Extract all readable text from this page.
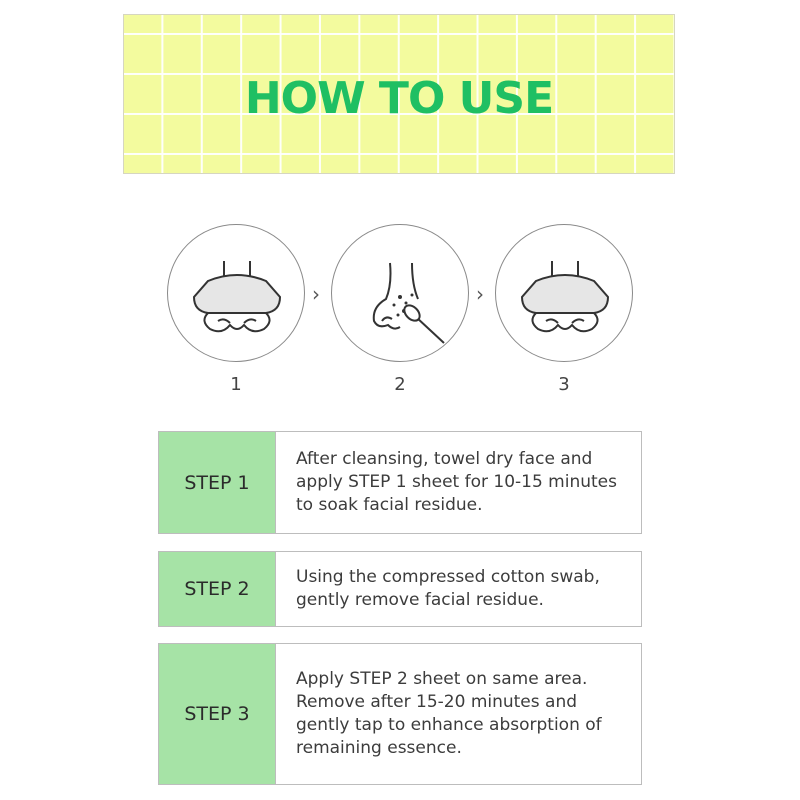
HOW TO USE
›	›
1	2	3
STEP 1
After cleansing, towel dry face and apply STEP 1 sheet for 10-15 minutes to soak facial residue.
STEP 2
Using the compressed cotton swab, gently remove facial residue.
STEP 3
Apply STEP 2 sheet on same area. Remove after 15-20 minutes and gently tap to enhance absorption of remaining essence.
